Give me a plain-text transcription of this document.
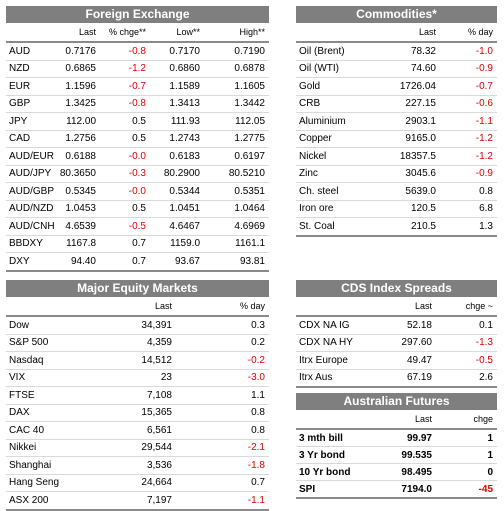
Foreign Exchange
	Last	% chge**	Low**	High**
AUD	0.7176	-0.8	0.7170	0.7190
NZD	0.6865	-1.2	0.6860	0.6878
EUR	1.1596	-0.7	1.1589	1.1605
GBP	1.3425	-0.8	1.3413	1.3442
JPY	112.00	0.5	111.93	112.05
CAD	1.2756	0.5	1.2743	1.2775
AUD/EUR	0.6188	-0.0	0.6183	0.6197
AUD/JPY	80.3650	-0.3	80.2900	80.5210
AUD/GBP	0.5345	-0.0	0.5344	0.5351
AUD/NZD	1.0453	0.5	1.0451	1.0464
AUD/CNH	4.6539	-0.5	4.6467	4.6969
BBDXY	1167.8	0.7	1159.0	1161.1
DXY	94.40	0.7	93.67	93.81
Commodities*
	Last	% day
Oil (Brent)	78.32	-1.0
Oil (WTI)	74.60	-0.9
Gold	1726.04	-0.7
CRB	227.15	-0.6
Aluminium	2903.1	-1.1
Copper	9165.0	-1.2
Nickel	18357.5	-1.2
Zinc	3045.6	-0.9
Ch. steel	5639.0	0.8
Iron ore	120.5	6.8
St. Coal	210.5	1.3
Major Equity Markets
	Last	% day
Dow	34,391	0.3
S&P 500	4,359	0.2
Nasdaq	14,512	-0.2
VIX	23	-3.0
FTSE	7,108	1.1
DAX	15,365	0.8
CAC 40	6,561	0.8
Nikkei	29,544	-2.1
Shanghai	3,536	-1.8
Hang Seng	24,664	0.7
ASX 200	7,197	-1.1
CDS Index Spreads
	Last	chge ~
CDX NA IG	52.18	0.1
CDX NA HY	297.60	-1.3
Itrx Europe	49.47	-0.5
Itrx Aus	67.19	2.6
Australian Futures
	Last	chge
3 mth bill	99.97	1
3 Yr bond	99.535	1
10 Yr bond	98.495	0
SPI	7194.0	-45
